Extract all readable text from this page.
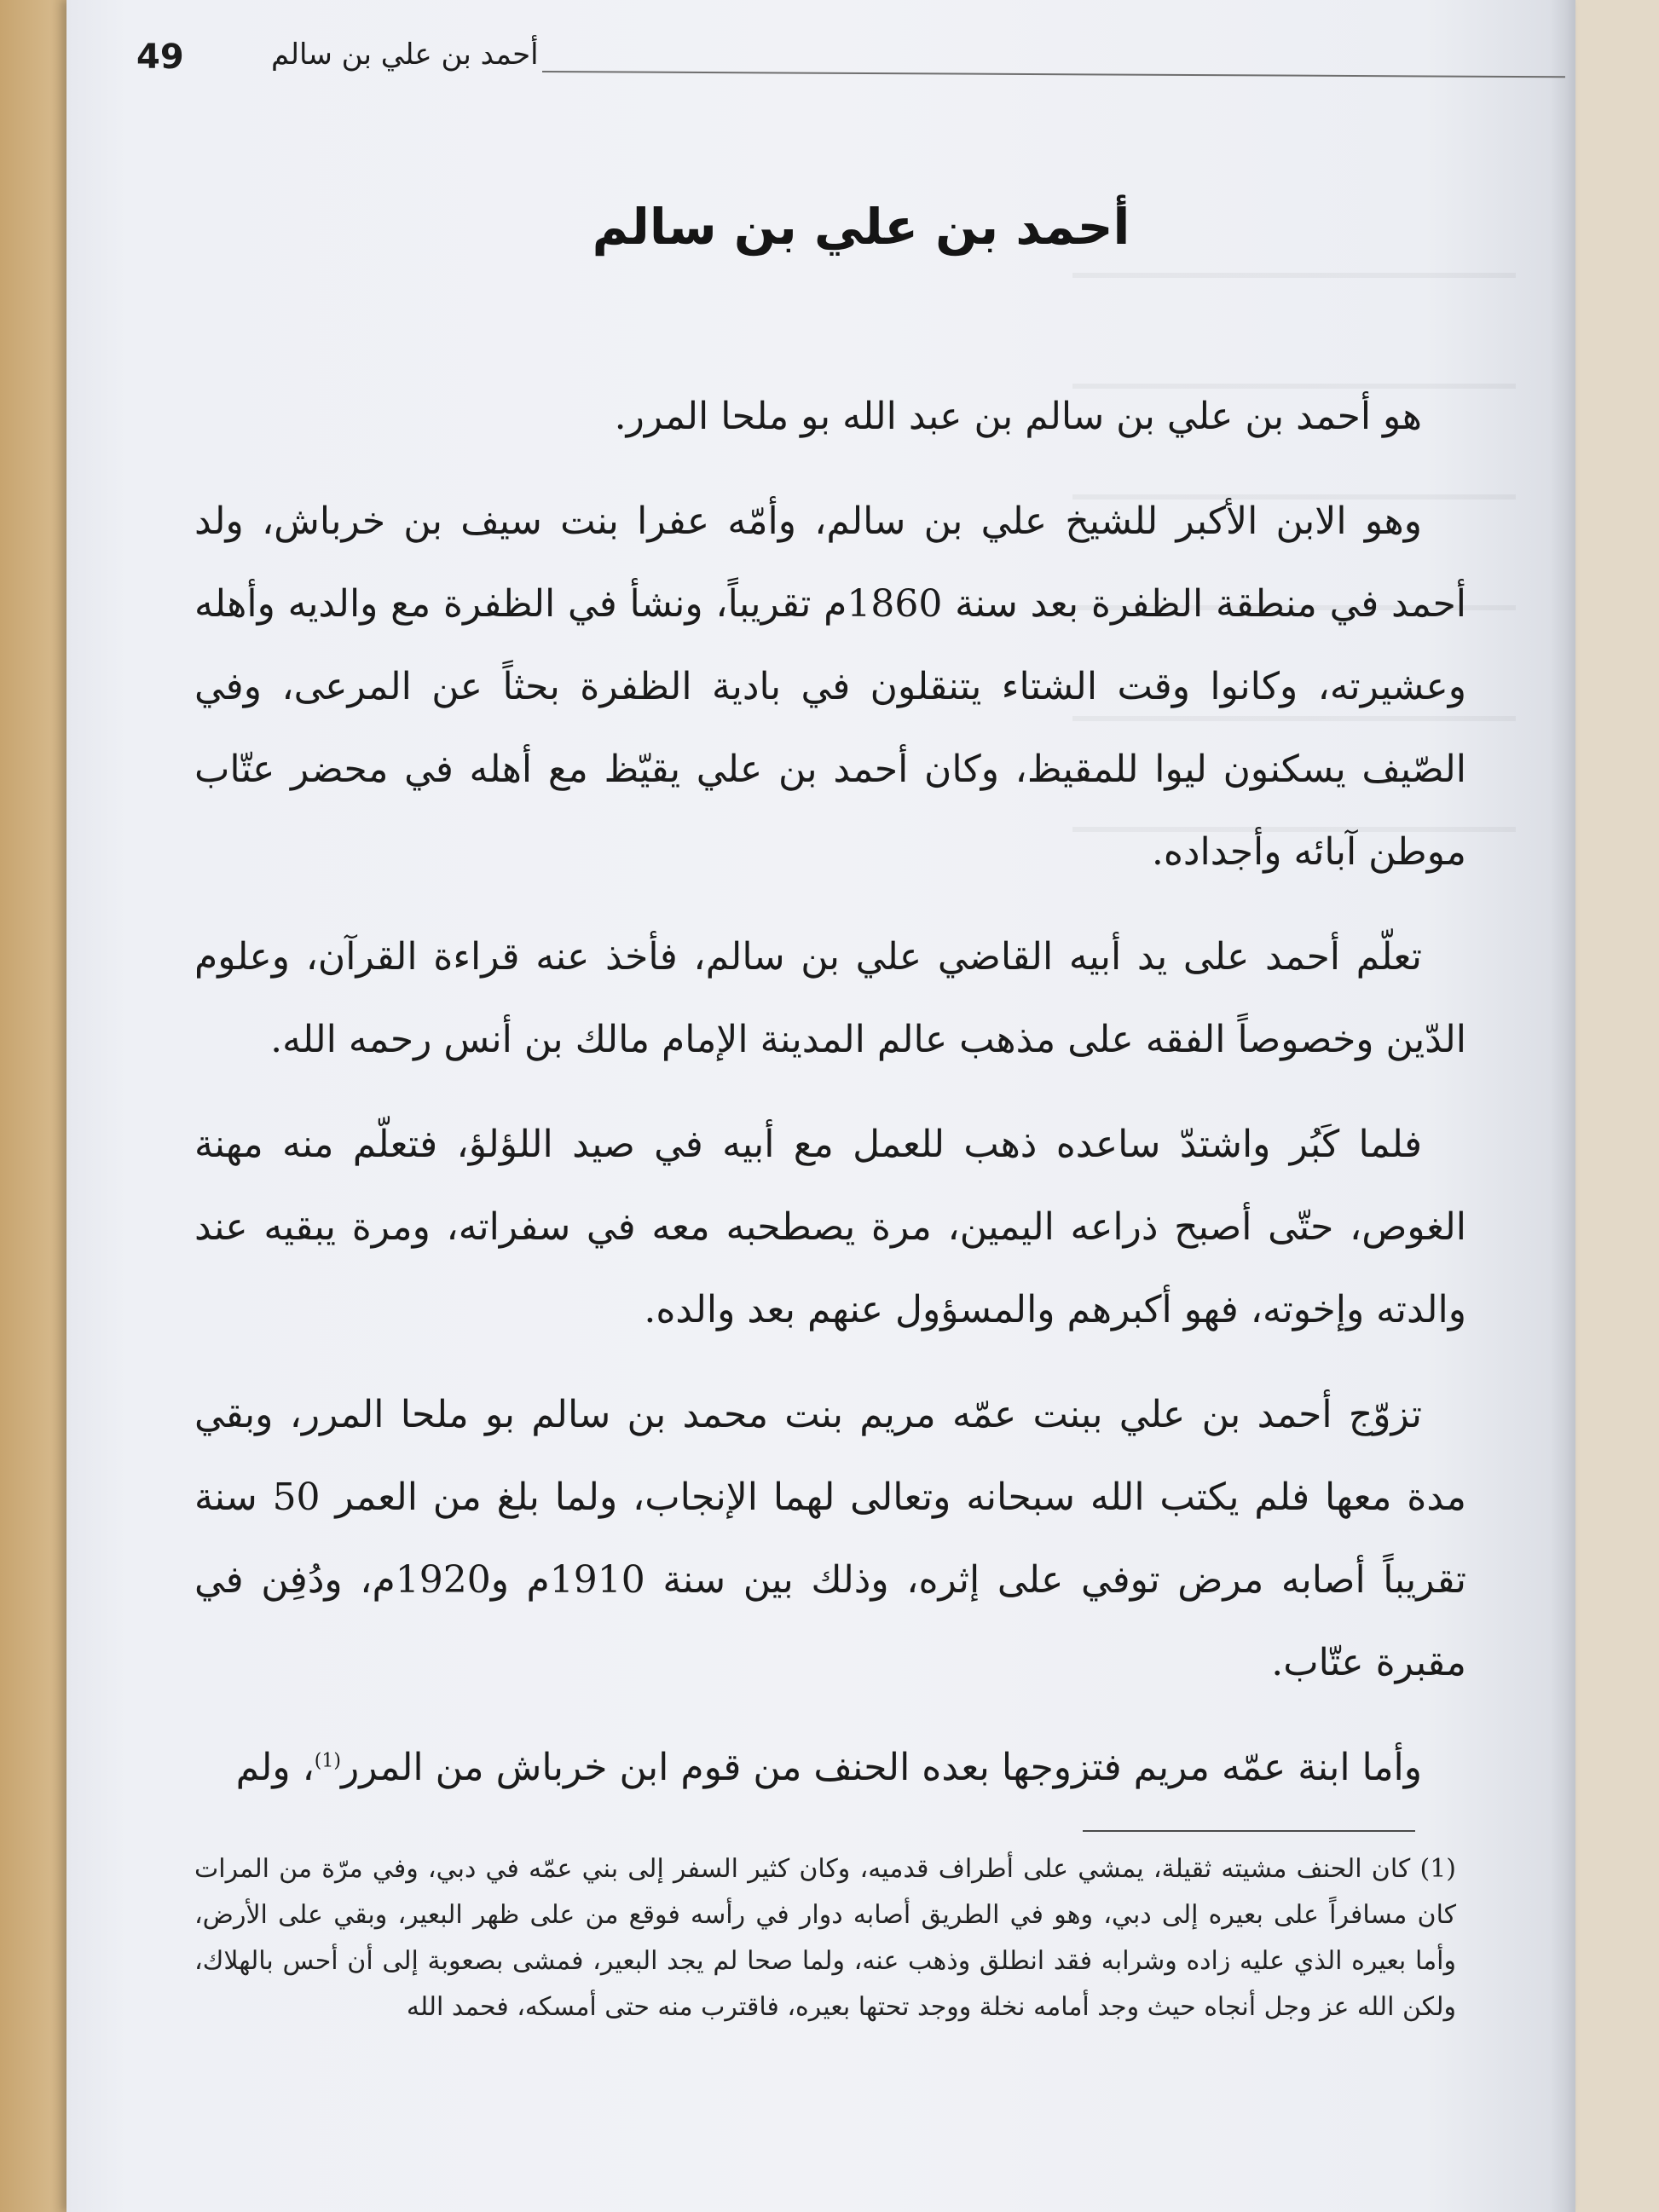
49	أحمد بن علي بن سالم
أحمد بن علي بن سالم

هو أحمد بن علي بن سالم بن عبد الله بو ملحا المرر.

وهو الابن الأكبر للشيخ علي بن سالم، وأمّه عفرا بنت سيف بن خرباش، ولد أحمد في منطقة الظفرة بعد سنة 1860م تقريباً، ونشأ في الظفرة مع والديه وأهله وعشيرته، وكانوا وقت الشتاء يتنقلون في بادية الظفرة بحثاً عن المرعى، وفي الصّيف يسكنون ليوا للمقيظ، وكان أحمد بن علي يقيّظ مع أهله في محضر عتّاب موطن آبائه وأجداده.

تعلّم أحمد على يد أبيه القاضي علي بن سالم، فأخذ عنه قراءة القرآن، وعلوم الدّين وخصوصاً الفقه على مذهب عالم المدينة الإمام مالك بن أنس رحمه الله.

فلما كَبُر واشتدّ ساعده ذهب للعمل مع أبيه في صيد اللؤلؤ، فتعلّم منه مهنة الغوص، حتّى أصبح ذراعه اليمين، مرة يصطحبه معه في سفراته، ومرة يبقيه عند والدته وإخوته، فهو أكبرهم والمسؤول عنهم بعد والده.

تزوّج أحمد بن علي ببنت عمّه مريم بنت محمد بن سالم بو ملحا المرر، وبقي مدة معها فلم يكتب الله سبحانه وتعالى لهما الإنجاب، ولما بلغ من العمر 50 سنة تقريباً أصابه مرض توفي على إثره، وذلك بين سنة 1910م و1920م، ودُفِن في مقبرة عتّاب.

وأما ابنة عمّه مريم فتزوجها بعده الحنف من قوم ابن خرباش من المرر$^{(1)}$، ولم

(1) كان الحنف مشيته ثقيلة، يمشي على أطراف قدميه، وكان كثير السفر إلى بني عمّه في دبي، وفي مرّة من المرات كان مسافراً على بعيره إلى دبي، وهو في الطريق أصابه دوار في رأسه فوقع من على ظهر البعير، وبقي على الأرض، وأما بعيره الذي عليه زاده وشرابه فقد انطلق وذهب عنه، ولما صحا لم يجد البعير، فمشى بصعوبة إلى أن أحس بالهلاك، ولكن الله عز وجل أنجاه حيث وجد أمامه نخلة ووجد تحتها بعيره، فاقترب منه حتى أمسكه، فحمد الله
